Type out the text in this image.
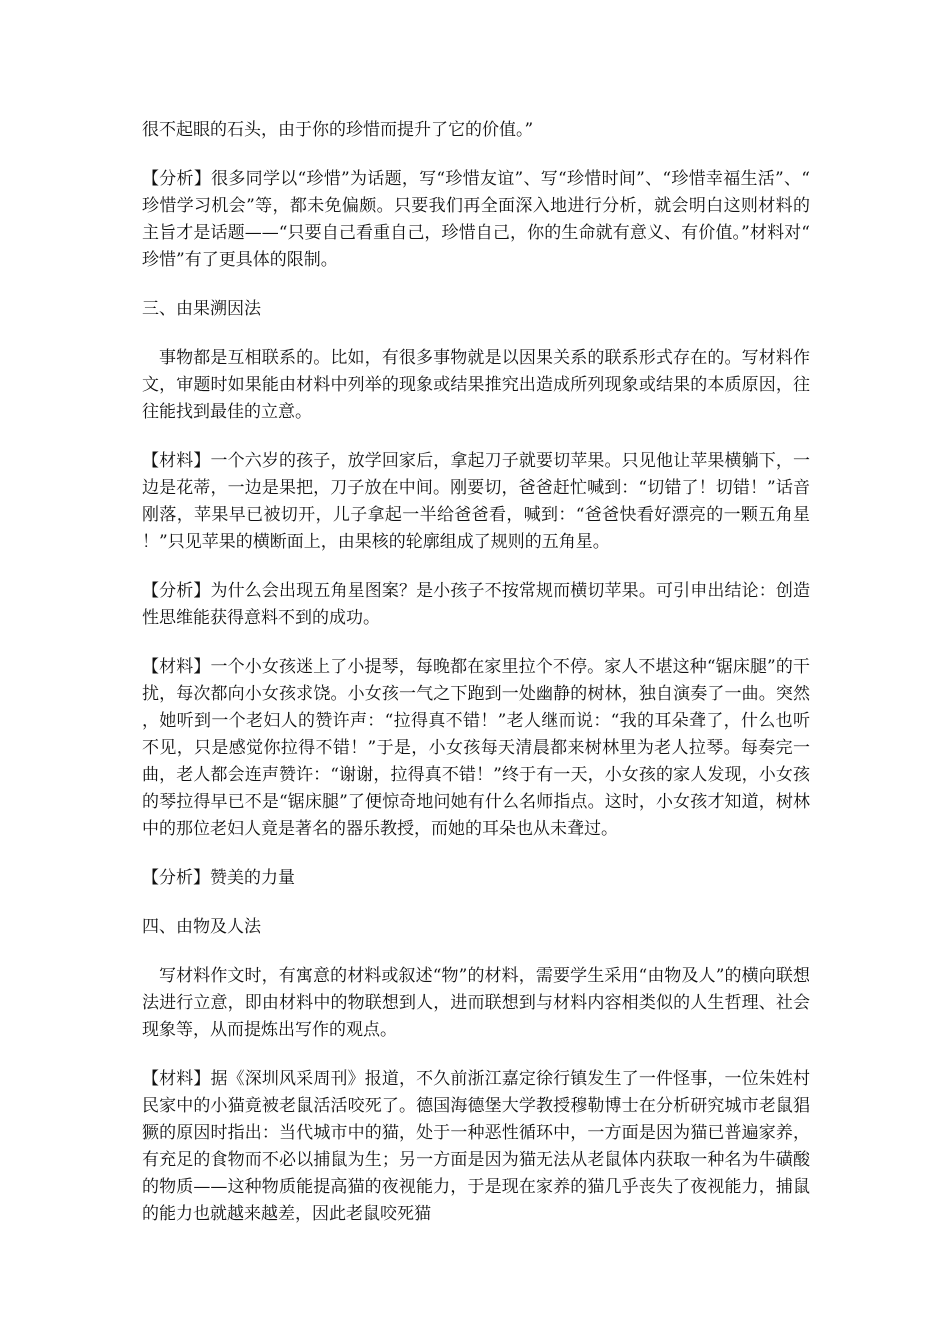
很不起眼的石头，由于你的珍惜而提升了它的价值。”

【分析】很多同学以“珍惜”为话题，写“珍惜友谊”、写“珍惜时间”、“珍惜幸福生活”、“珍惜学习机会”等，都未免偏颇。只要我们再全面深入地进行分析，就会明白这则材料的主旨才是话题——“只要自己看重自己，珍惜自己，你的生命就有意义、有价值。”材料对“珍惜”有了更具体的限制。

三、由果溯因法

事物都是互相联系的。比如，有很多事物就是以因果关系的联系形式存在的。写材料作文，审题时如果能由材料中列举的现象或结果推究出造成所列现象或结果的本质原因，往往能找到最佳的立意。

【材料】一个六岁的孩子，放学回家后，拿起刀子就要切苹果。只见他让苹果横躺下，一边是花蒂，一边是果把，刀子放在中间。刚要切，爸爸赶忙喊到：“切错了！切错！”话音刚落，苹果早已被切开，儿子拿起一半给爸爸看，喊到：“爸爸快看好漂亮的一颗五角星！”只见苹果的横断面上，由果核的轮廓组成了规则的五角星。

【分析】为什么会出现五角星图案？是小孩子不按常规而横切苹果。可引申出结论：创造性思维能获得意料不到的成功。

【材料】一个小女孩迷上了小提琴，每晚都在家里拉个不停。家人不堪这种“锯床腿”的干扰，每次都向小女孩求饶。小女孩一气之下跑到一处幽静的树林，独自演奏了一曲。突然，她听到一个老妇人的赞许声：“拉得真不错！”老人继而说：“我的耳朵聋了，什么也听不见，只是感觉你拉得不错！”于是，小女孩每天清晨都来树林里为老人拉琴。每奏完一曲，老人都会连声赞许：“谢谢，拉得真不错！”终于有一天，小女孩的家人发现，小女孩的琴拉得早已不是“锯床腿”了便惊奇地问她有什么名师指点。这时，小女孩才知道，树林中的那位老妇人竟是著名的器乐教授，而她的耳朵也从未聋过。

【分析】赞美的力量

四、由物及人法

写材料作文时，有寓意的材料或叙述“物”的材料，需要学生采用“由物及人”的横向联想法进行立意，即由材料中的物联想到人，进而联想到与材料内容相类似的人生哲理、社会现象等，从而提炼出写作的观点。

【材料】据《深圳风采周刊》报道，不久前浙江嘉定徐行镇发生了一件怪事，一位朱姓村民家中的小猫竟被老鼠活活咬死了。德国海德堡大学教授穆勒博士在分析研究城市老鼠猖獗的原因时指出：当代城市中的猫，处于一种恶性循环中，一方面是因为猫已普遍家养，有充足的食物而不必以捕鼠为生；另一方面是因为猫无法从老鼠体内获取一种名为牛磺酸的物质——这种物质能提高猫的夜视能力，于是现在家养的猫几乎丧失了夜视能力，捕鼠的能力也就越来越差，因此老鼠咬死猫
